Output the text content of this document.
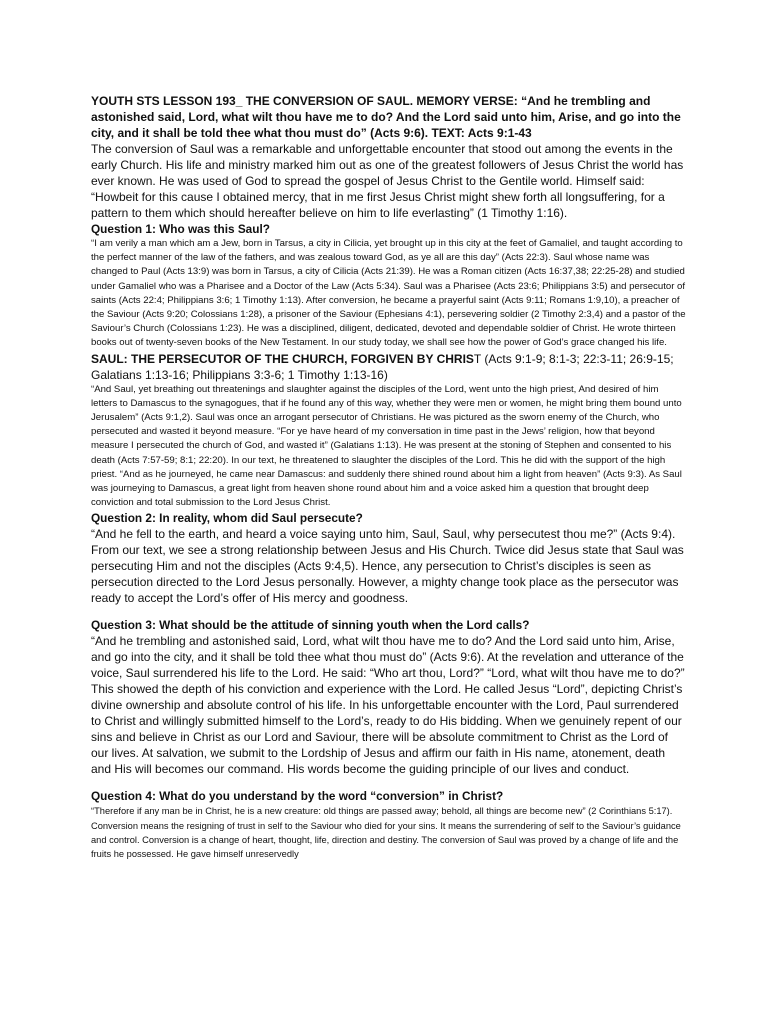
YOUTH STS LESSON 193_ THE CONVERSION OF SAUL. MEMORY VERSE: “And he trembling and astonished said, Lord, what wilt thou have me to do? And the Lord said unto him, Arise, and go into the city, and it shall be told thee what thou must do” (Acts 9:6). TEXT: Acts 9:1-43

The conversion of Saul was a remarkable and unforgettable encounter that stood out among the events in the early Church. His life and ministry marked him out as one of the greatest followers of Jesus Christ the world has ever known. He was used of God to spread the gospel of Jesus Christ to the Gentile world. Himself said: “Howbeit for this cause I obtained mercy, that in me first Jesus Christ might shew forth all longsuffering, for a pattern to them which should hereafter believe on him to life everlasting” (1 Timothy 1:16).

Question 1: Who was this Saul?

“I am verily a man which am a Jew, born in Tarsus, a city in Cilicia, yet brought up in this city at the feet of Gamaliel, and taught according to the perfect manner of the law of the fathers, and was zealous toward God, as ye all are this day” (Acts 22:3). Saul whose name was changed to Paul (Acts 13:9) was born in Tarsus, a city of Cilicia (Acts 21:39). He was a Roman citizen (Acts 16:37,38; 22:25-28) and studied under Gamaliel who was a Pharisee and a Doctor of the Law (Acts 5:34). Saul was a Pharisee (Acts 23:6; Philippians 3:5) and persecutor of saints (Acts 22:4; Philippians 3:6; 1 Timothy 1:13). After conversion, he became a prayerful saint (Acts 9:11; Romans 1:9,10), a preacher of the Saviour (Acts 9:20; Colossians 1:28), a prisoner of the Saviour (Ephesians 4:1), persevering soldier (2 Timothy 2:3,4) and a pastor of the Saviour’s Church (Colossians 1:23). He was a disciplined, diligent, dedicated, devoted and dependable soldier of Christ. He wrote thirteen books out of twenty-seven books of the New Testament. In our study today, we shall see how the power of God’s grace changed his life.

SAUL: THE PERSECUTOR OF THE CHURCH, FORGIVEN BY CHRIST (Acts 9:1-9; 8:1-3; 22:3-11; 26:9-15; Galatians 1:13-16; Philippians 3:3-6; 1 Timothy 1:13-16)

“And Saul, yet breathing out threatenings and slaughter against the disciples of the Lord, went unto the high priest, And desired of him letters to Damascus to the synagogues, that if he found any of this way, whether they were men or women, he might bring them bound unto Jerusalem” (Acts 9:1,2). Saul was once an arrogant persecutor of Christians. He was pictured as the sworn enemy of the Church, who persecuted and wasted it beyond measure. “For ye have heard of my conversation in time past in the Jews’ religion, how that beyond measure I persecuted the church of God, and wasted it” (Galatians 1:13). He was present at the stoning of Stephen and consented to his death (Acts 7:57-59; 8:1; 22:20). In our text, he threatened to slaughter the disciples of the Lord. This he did with the support of the high priest. “And as he journeyed, he came near Damascus: and suddenly there shined round about him a light from heaven” (Acts 9:3). As Saul was journeying to Damascus, a great light from heaven shone round about him and a voice asked him a question that brought deep conviction and total submission to the Lord Jesus Christ.

Question 2: In reality, whom did Saul persecute?

“And he fell to the earth, and heard a voice saying unto him, Saul, Saul, why persecutest thou me?” (Acts 9:4). From our text, we see a strong relationship between Jesus and His Church. Twice did Jesus state that Saul was persecuting Him and not the disciples (Acts 9:4,5). Hence, any persecution to Christ’s disciples is seen as persecution directed to the Lord Jesus personally. However, a mighty change took place as the persecutor was ready to accept the Lord’s offer of His mercy and goodness.

Question 3: What should be the attitude of sinning youth when the Lord calls?

“And he trembling and astonished said, Lord, what wilt thou have me to do? And the Lord said unto him, Arise, and go into the city, and it shall be told thee what thou must do” (Acts 9:6). At the revelation and utterance of the voice, Saul surrendered his life to the Lord. He said: “Who art thou, Lord?” “Lord, what wilt thou have me to do?” This showed the depth of his conviction and experience with the Lord. He called Jesus “Lord”, depicting Christ’s divine ownership and absolute control of his life. In his unforgettable encounter with the Lord, Paul surrendered to Christ and willingly submitted himself to the Lord’s, ready to do His bidding. When we genuinely repent of our sins and believe in Christ as our Lord and Saviour, there will be absolute commitment to Christ as the Lord of our lives. At salvation, we submit to the Lordship of Jesus and affirm our faith in His name, atonement, death and His will becomes our command. His words become the guiding principle of our lives and conduct.

Question 4: What do you understand by the word “conversion” in Christ?

“Therefore if any man be in Christ, he is a new creature: old things are passed away; behold, all things are become new” (2 Corinthians 5:17). Conversion means the resigning of trust in self to the Saviour who died for your sins. It means the surrendering of self to the Saviour’s guidance and control. Conversion is a change of heart, thought, life, direction and destiny. The conversion of Saul was proved by a change of life and the fruits he possessed. He gave himself unreservedly
